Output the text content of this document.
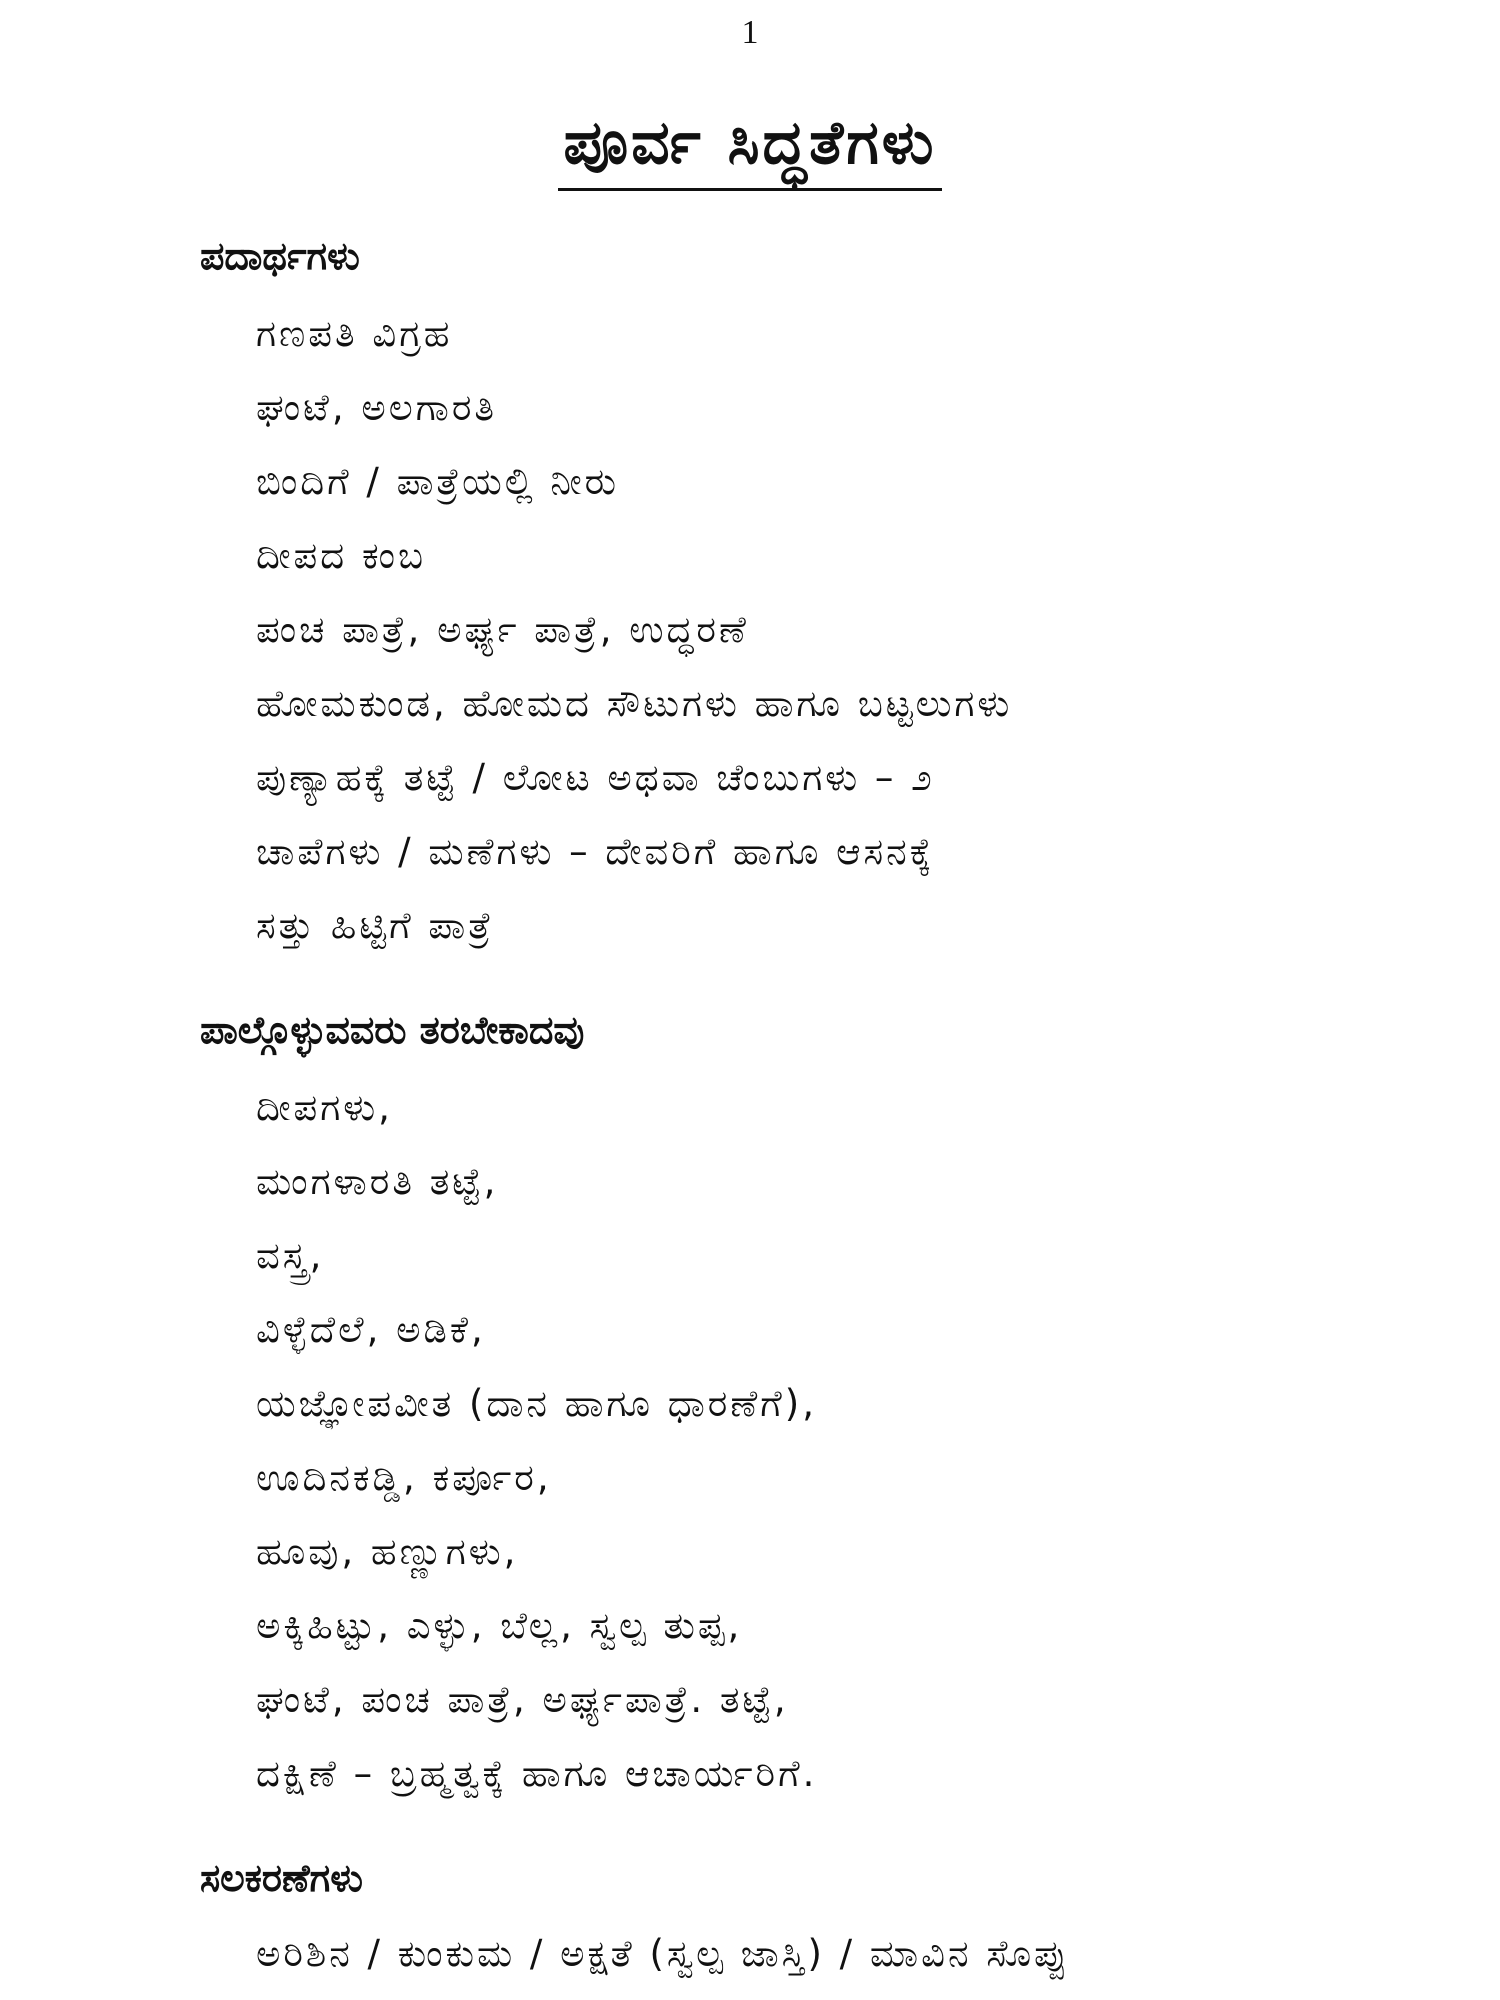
1
ಪೂರ್ವ ಸಿದ್ಧತೆಗಳು
ಪದಾರ್ಥಗಳು
ಗಣಪತಿ ವಿಗ್ರಹ
ಘಂಟೆ, ಅಲಗಾರತಿ
ಬಿಂದಿಗೆ / ಪಾತ್ರೆಯಲ್ಲಿ ನೀರು
ದೀಪದ ಕಂಬ
ಪಂಚ ಪಾತ್ರೆ, ಅರ್ಘ್ಯ ಪಾತ್ರೆ, ಉದ್ಧರಣೆ
ಹೋಮಕುಂಡ, ಹೋಮದ ಸೌಟುಗಳು ಹಾಗೂ ಬಟ್ಟಲುಗಳು
ಪುಣ್ಯಾಹಕ್ಕೆ ತಟ್ಟೆ / ಲೋಟ ಅಥವಾ ಚೆಂಬುಗಳು – ೨
ಚಾಪೆಗಳು / ಮಣೆಗಳು – ದೇವರಿಗೆ ಹಾಗೂ ಆಸನಕ್ಕೆ
ಸತ್ತು ಹಿಟ್ಟಿಗೆ ಪಾತ್ರೆ
ಪಾಲ್ಗೊಳ್ಳುವವರು ತರಬೇಕಾದವು
ದೀಪಗಳು,
ಮಂಗಳಾರತಿ ತಟ್ಟೆ,
ವಸ್ತ್ರ,
ವಿಳ್ಳೆದೆಲೆ, ಅಡಿಕೆ,
ಯಜ್ಞೋಪವೀತ (ದಾನ ಹಾಗೂ ಧಾರಣೆಗೆ),
ಊದಿನಕಡ್ಡಿ, ಕರ್ಪೂರ,
ಹೂವು, ಹಣ್ಣುಗಳು,
ಅಕ್ಕಿಹಿಟ್ಟು, ಎಳ್ಳು, ಬೆಲ್ಲ, ಸ್ವಲ್ಪ ತುಪ್ಪ,
ಘಂಟೆ, ಪಂಚ ಪಾತ್ರೆ, ಅರ್ಘ್ಯಪಾತ್ರೆ. ತಟ್ಟೆ,
ದಕ್ಷಿಣೆ – ಬ್ರಹ್ಮತ್ವಕ್ಕೆ ಹಾಗೂ ಆಚಾರ್ಯರಿಗೆ.
ಸಲಕರಣೆಗಳು
ಅರಿಶಿನ / ಕುಂಕುಮ / ಅಕ್ಷತೆ (ಸ್ವಲ್ಪ ಜಾಸ್ತಿ) / ಮಾವಿನ ಸೊಪ್ಪು
